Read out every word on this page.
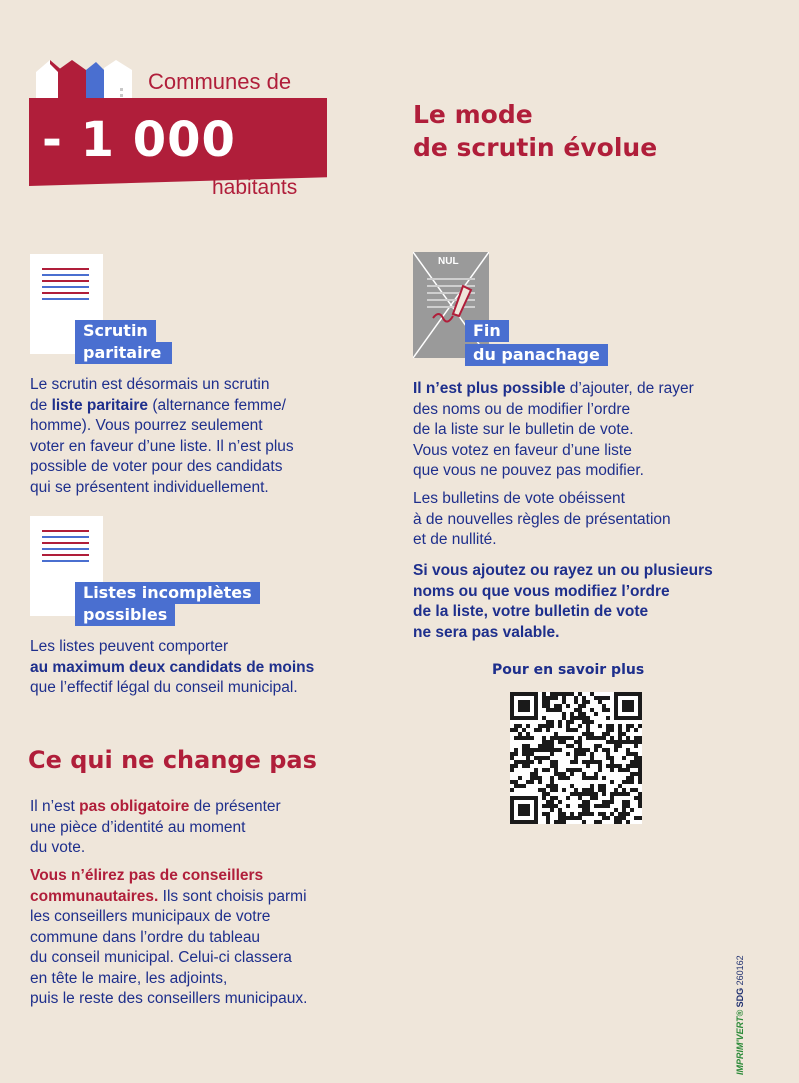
- 1 000
Communes de
habitants
Le mode
de scrutin évolue
Scrutin
paritaire
Le scrutin est désormais un scrutin
de liste paritaire (alternance femme/
homme). Vous pourrez seulement
voter en faveur d’une liste. Il n’est plus
possible de voter pour des candidats
qui se présentent individuellement.
Listes incomplètes
possibles
Les listes peuvent comporter
au maximum deux candidats de moins
que l’effectif légal du conseil municipal.
Ce qui ne change pas
Il n’est pas obligatoire de présenter
une pièce d’identité au moment
du vote.
Vous n’élirez pas de conseillers
communautaires. Ils sont choisis parmi
les conseillers municipaux de votre
commune dans l’ordre du tableau
du conseil municipal. Celui-ci classera
en tête le maire, les adjoints,
puis le reste des conseillers municipaux.
NUL
Fin
du panachage
Il n’est plus possible d’ajouter, de rayer
des noms ou de modifier l’ordre
de la liste sur le bulletin de vote.
Vous votez en faveur d’une liste
que vous ne pouvez pas modifier.
Les bulletins de vote obéissent
à de nouvelles règles de présentation
et de nullité.
Si vous ajoutez ou rayez un ou plusieurs
noms ou que vous modifiez l’ordre
de la liste, votre bulletin de vote
ne sera pas valable.
Pour en savoir plus
IMPRIM'VERT® SDG 260162
